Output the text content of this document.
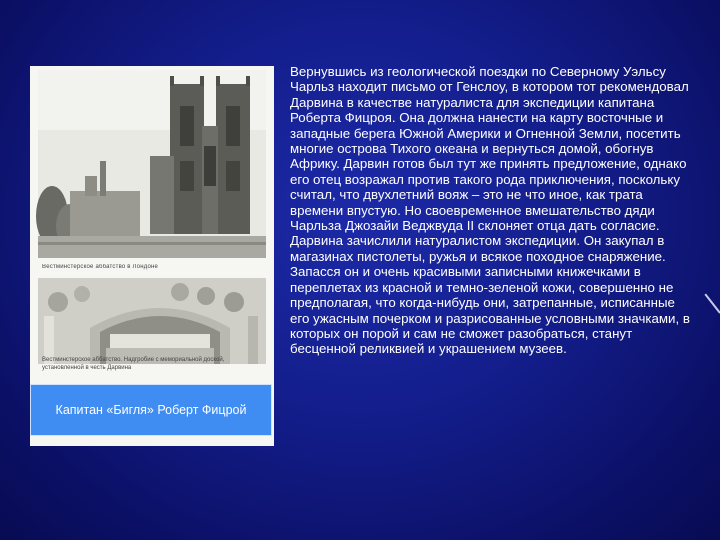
Вестминстерское аббатство в Лондоне
Вестминстерское аббатство. Надгробие с мемориальной доской,
установленной в честь Дарвина
Капитан «Бигля» Роберт Фицрой
Вернувшись из геологической поездки по Северному Уэльсу Чарльз находит письмо от Генслоу, в котором тот рекомендовал Дарвина в качестве натуралиста для экспедиции капитана Роберта Фицроя. Она должна нанести на карту восточные и западные берега Южной Америки и Огненной Земли, посетить многие острова Тихого океана и вернуться домой, обогнув Африку. Дарвин готов был тут же принять предложение, однако его отец возражал против такого рода приключения, поскольку считал, что двухлетний вояж – это не что иное, как трата времени впустую. Но своевременное вмешательство дяди Чарльза Джозайи Веджвуда II склоняет отца дать согласие. Дарвина зачислили натуралистом экспедиции. Он закупал в магазинах пистолеты, ружья и всякое походное снаряжение. Запасся он и очень красивыми записными книжечками в переплетах из красной и темно-зеленой кожи, совершенно не предполагая, что когда-нибудь они, затрепанные, исписанные его ужасным почерком и разрисованные условными значками, в которых он порой и сам не сможет разобраться, станут бесценной реликвией и украшением музеев.
